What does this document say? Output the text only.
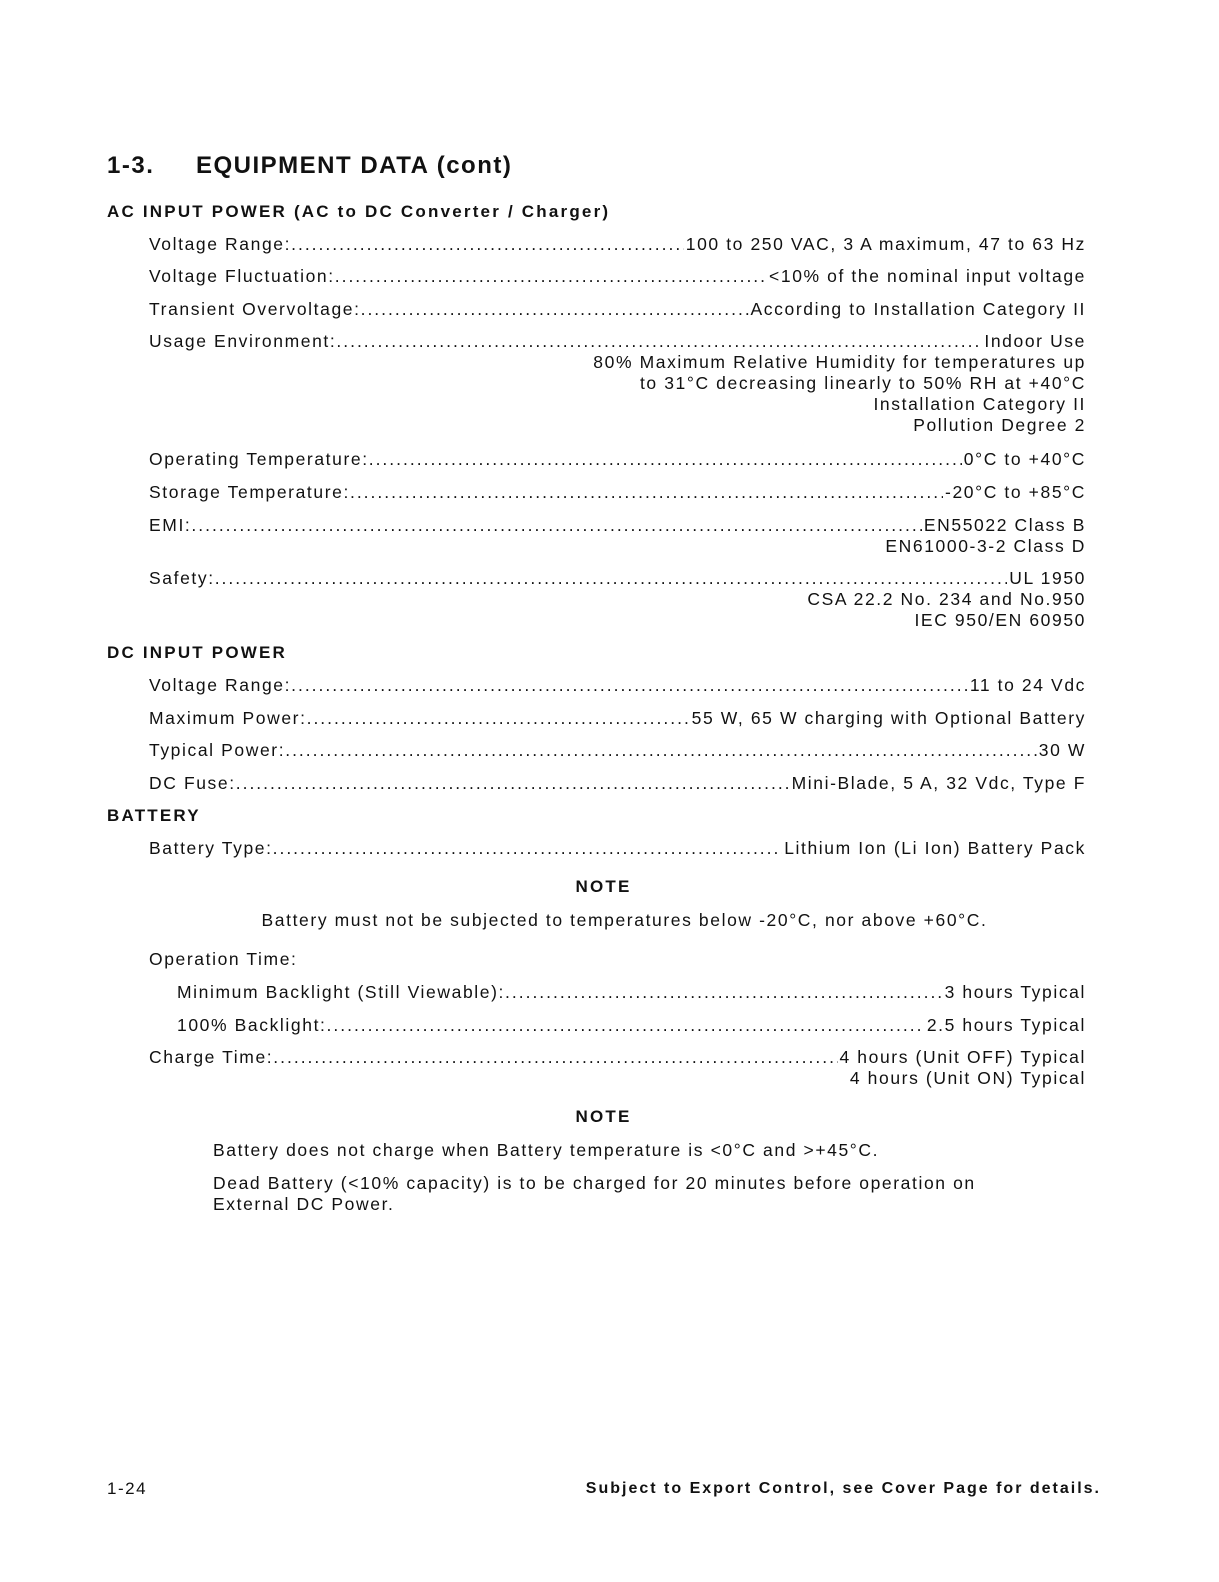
1-3. EQUIPMENT DATA (cont)
AC INPUT POWER (AC to DC Converter / Charger)
Voltage Range: .....	100 to 250 VAC, 3 A maximum, 47 to 63 Hz
Voltage Fluctuation: .....	<10% of the nominal input voltage
Transient Overvoltage: .....	According to Installation Category II
Usage Environment: .....	Indoor Use
80% Maximum Relative Humidity for temperatures up
to 31°C decreasing linearly to 50% RH at +40°C
Installation Category II
Pollution Degree 2
Operating Temperature: .....	0°C to +40°C
Storage Temperature: .....	-20°C to +85°C
EMI: .....	EN55022 Class B
EN61000-3-2 Class D
Safety: .....	UL 1950
CSA 22.2 No. 234 and No.950
IEC 950/EN 60950
DC INPUT POWER
Voltage Range: .....	11 to 24 Vdc
Maximum Power: .....	55 W, 65 W charging with Optional Battery
Typical Power: .....	30 W
DC Fuse: .....	Mini-Blade, 5 A, 32 Vdc, Type F
BATTERY
Battery Type: .....	Lithium Ion (Li Ion) Battery Pack
NOTE
Battery must not be subjected to temperatures below -20°C, nor above +60°C.
Operation Time:
Minimum Backlight (Still Viewable): .....	3 hours Typical
100% Backlight: .....	2.5 hours Typical
Charge Time: .....	4 hours (Unit OFF) Typical
4 hours (Unit ON) Typical
NOTE
Battery does not charge when Battery temperature is <0°C and >+45°C.
Dead Battery (<10% capacity) is to be charged for 20 minutes before operation on External DC Power.
1-24	Subject to Export Control, see Cover Page for details.
